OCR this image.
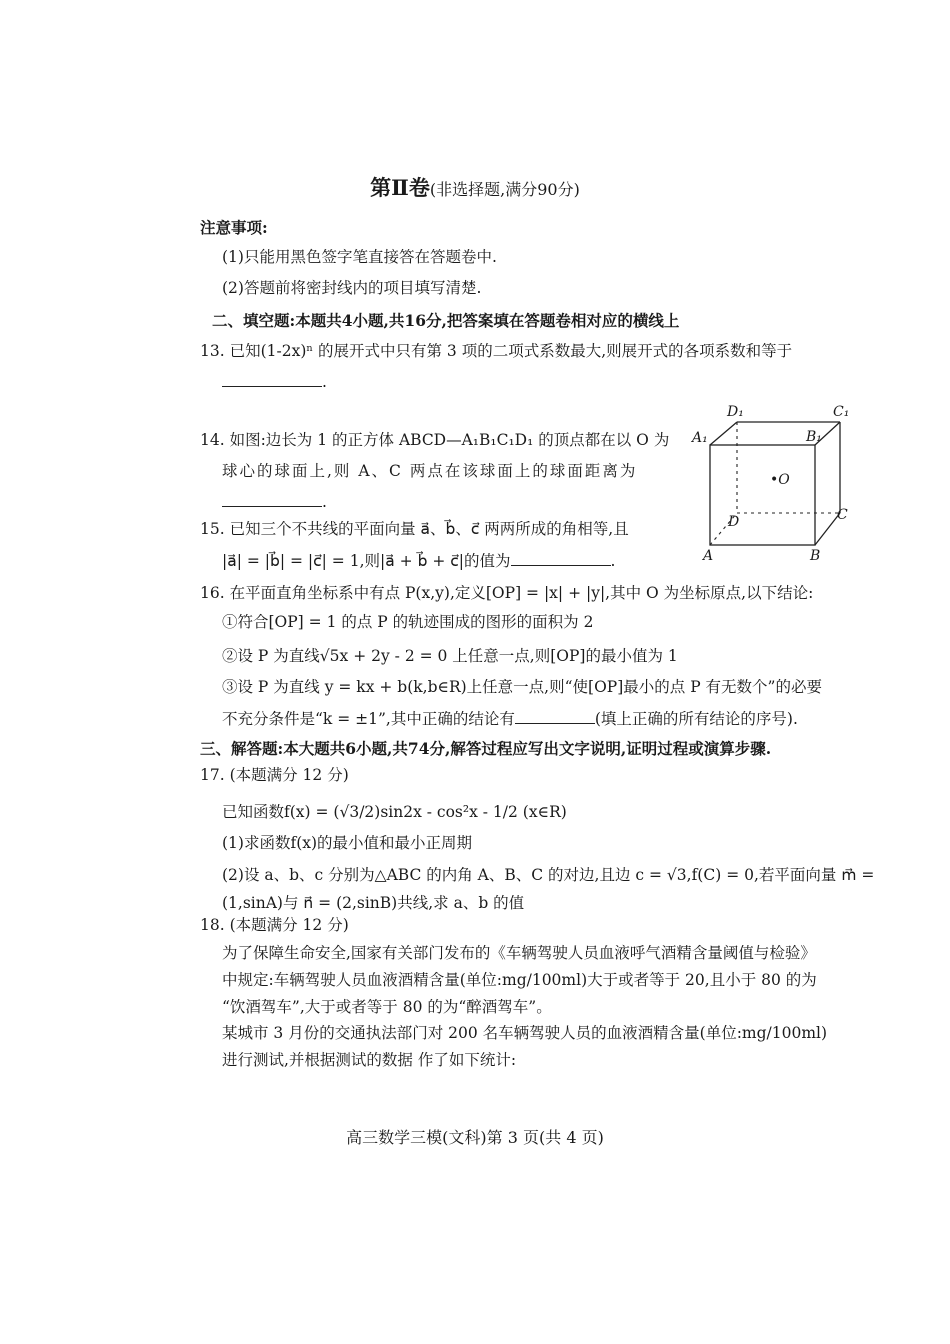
第Ⅱ卷(非选择题,满分90分)
注意事项:
(1)只能用黑色签字笔直接答在答题卷中.
(2)答题前将密封线内的项目填写清楚.
二、填空题:本题共4小题,共16分,把答案填在答题卷相对应的横线上
13. 已知(1-2x)ⁿ 的展开式中只有第 3 项的二项式系数最大,则展开式的各项系数和等于
.
14. 如图:边长为 1 的正方体 ABCD—A₁B₁C₁D₁ 的顶点都在以 O 为
球心的球面上,则 A、C 两点在该球面上的球面距离为
.
D₁	C₁
A₁	B₁
•O
C
D
A	B
15. 已知三个不共线的平面向量 a⃗、b⃗、c⃗ 两两所成的角相等,且
|a⃗| = |b⃗| = |c⃗| = 1,则|a⃗ + b⃗ + c⃗|的值为	.
16. 在平面直角坐标系中有点 P(x,y),定义[OP] = |x| + |y|,其中 O 为坐标原点,以下结论:
①符合[OP] = 1 的点 P 的轨迹围成的图形的面积为 2
②设 P 为直线√5x + 2y - 2 = 0 上任意一点,则[OP]的最小值为 1
③设 P 为直线 y = kx + b(k,b∈R)上任意一点,则“使[OP]最小的点 P 有无数个”的必要
不充分条件是“k = ±1”,其中正确的结论有	(填上正确的所有结论的序号).
三、解答题:本大题共6小题,共74分,解答过程应写出文字说明,证明过程或演算步骤.
17. (本题满分 12 分)
已知函数f(x) = (√3/2)sin2x - cos²x - 1/2 (x∈R)
(1)求函数f(x)的最小值和最小正周期
(2)设 a、b、c 分别为△ABC 的内角 A、B、C 的对边,且边 c = √3,f(C) = 0,若平面向量 m⃗ =
(1,sinA)与 n⃗ = (2,sinB)共线,求 a、b 的值
18. (本题满分 12 分)
为了保障生命安全,国家有关部门发布的《车辆驾驶人员血液呼气酒精含量阈值与检验》
中规定:车辆驾驶人员血液酒精含量(单位:mg/100ml)大于或者等于 20,且小于 80 的为
“饮酒驾车”,大于或者等于 80 的为“醉酒驾车”。
某城市 3 月份的交通执法部门对 200 名车辆驾驶人员的血液酒精含量(单位:mg/100ml)
进行测试,并根据测试的数据 作了如下统计:
高三数学三模(文科)第 3 页(共 4 页)
